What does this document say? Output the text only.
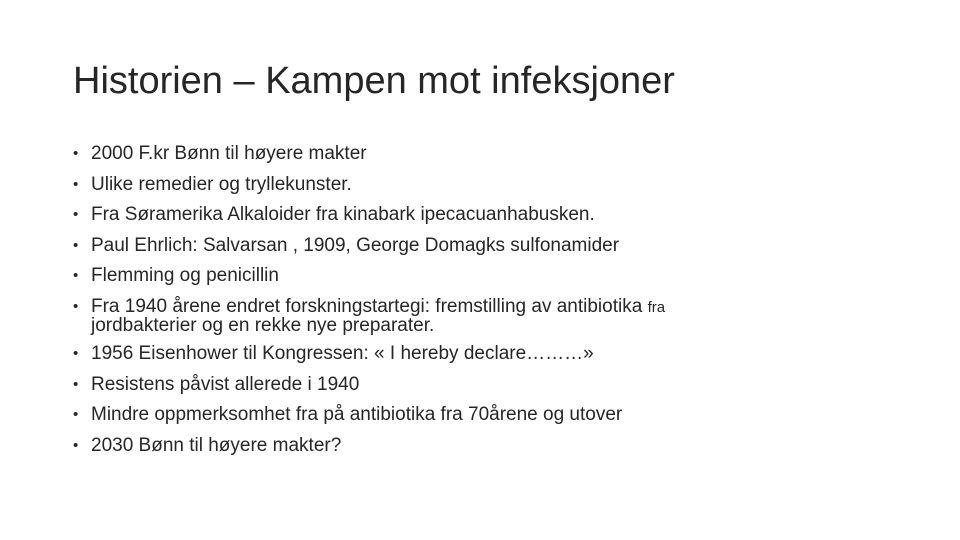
Historien – Kampen mot infeksjoner
• 2000 F.kr Bønn til høyere makter
• Ulike remedier og tryllekunster.
• Fra Søramerika Alkaloider fra kinabark ipecacuanhabusken.
• Paul Ehrlich: Salvarsan , 1909, George Domagks sulfonamider
• Flemming og penicillin
• Fra 1940 årene endret forskningstartegi: fremstilling av antibiotika fra
jordbakterier og en rekke nye preparater.
• 1956 Eisenhower til Kongressen: « I hereby declare………»
• Resistens påvist allerede i 1940
• Mindre oppmerksomhet fra på antibiotika fra 70årene og utover
• 2030 Bønn til høyere makter?
